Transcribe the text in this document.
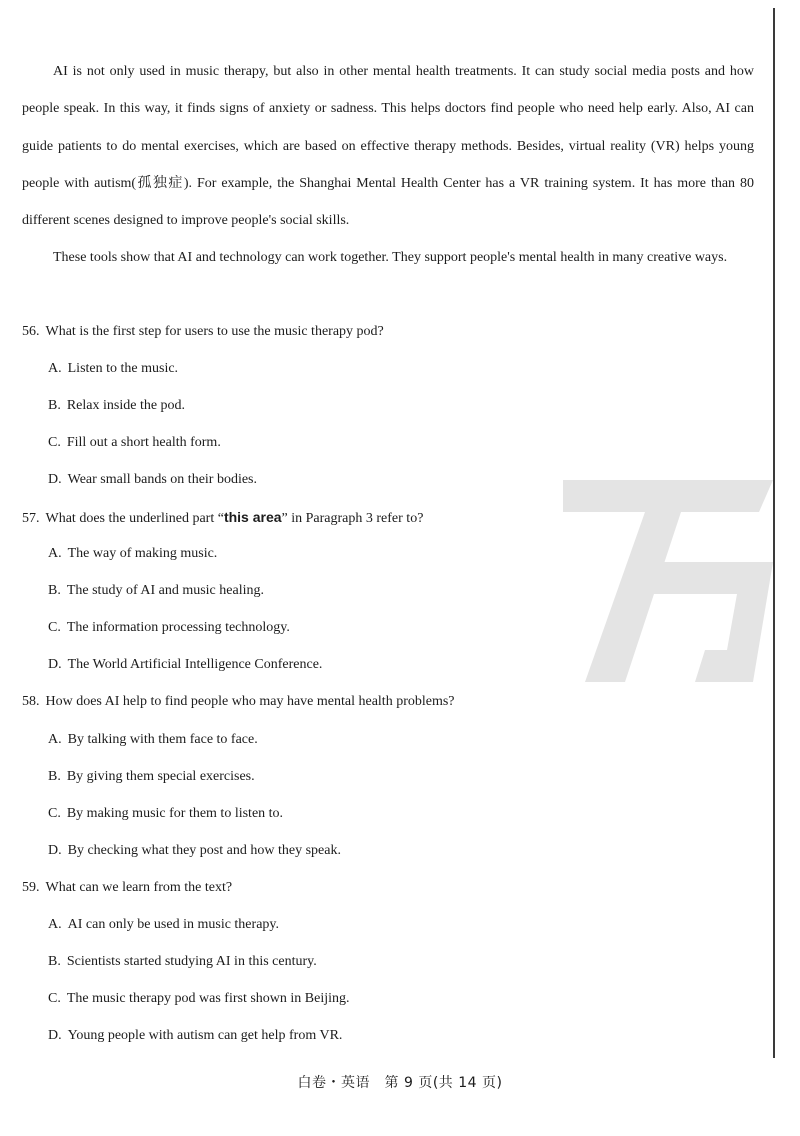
AI is not only used in music therapy, but also in other mental health treatments. It can study social media posts and how people speak. In this way, it finds signs of anxiety or sadness. This helps doctors find people who need help early. Also, AI can guide patients to do mental exercises, which are based on effective therapy methods. Besides, virtual reality (VR) helps young people with autism(孤独症). For example, the Shanghai Mental Health Center has a VR training system. It has more than 80 different scenes designed to improve people's social skills.

These tools show that AI and technology can work together. They support people's mental health in many creative ways.

56. What is the first step for users to use the music therapy pod?
A. Listen to the music.
B. Relax inside the pod.
C. Fill out a short health form.
D. Wear small bands on their bodies.
57. What does the underlined part “this area” in Paragraph 3 refer to?
A. The way of making music.
B. The study of AI and music healing.
C. The information processing technology.
D. The World Artificial Intelligence Conference.
58. How does AI help to find people who may have mental health problems?
A. By talking with them face to face.
B. By giving them special exercises.
C. By making music for them to listen to.
D. By checking what they post and how they speak.
59. What can we learn from the text?
A. AI can only be used in music therapy.
B. Scientists started studying AI in this century.
C. The music therapy pod was first shown in Beijing.
D. Young people with autism can get help from VR.
白卷・英语　第 9 页(共 14 页)
